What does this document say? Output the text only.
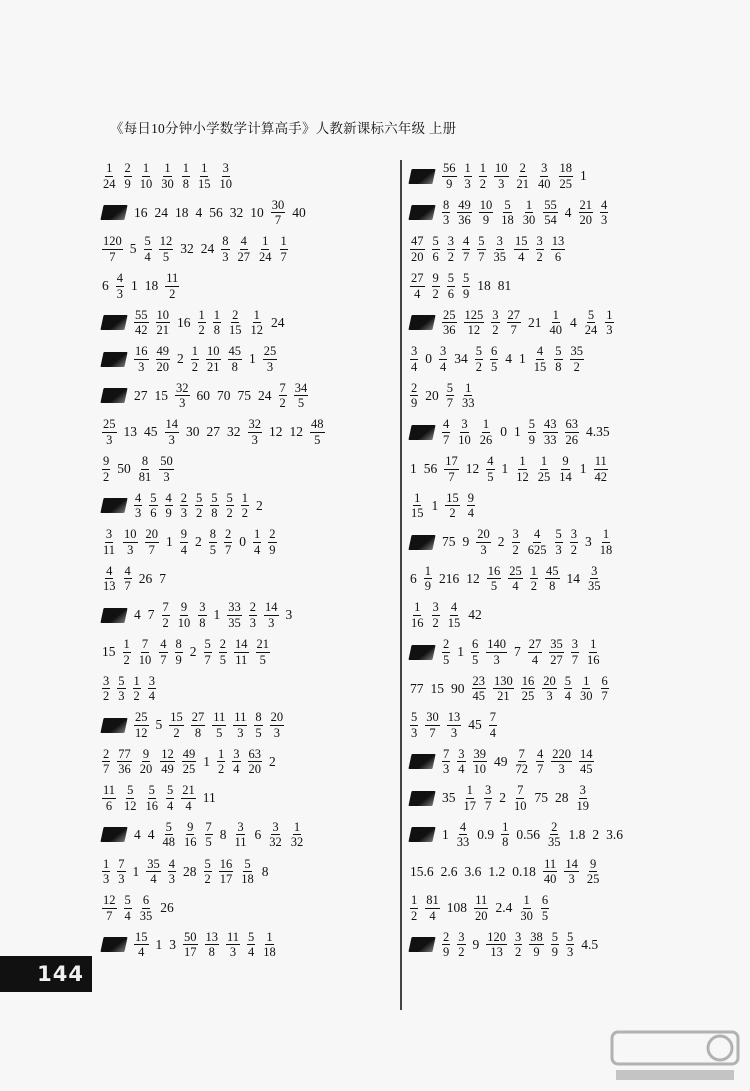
《每日10分钟小学数学计算高手》人教新课标六年级 上册
$\frac{1}{24} \frac{2}{9} \frac{1}{10} \frac{1}{30} \frac{1}{8} \frac{1}{15} \frac{3}{10}$
16 24 18 4 56 32 $10 \frac{30}{7} 40$
$\frac{120}{7} 5 \frac{5}{4} \frac{12}{5} 32$ $24 \frac{8}{3} \frac{4}{27} \frac{1}{24} \frac{1}{7}$
$6 \frac{4}{3} 1$ $18 \frac{11}{2}$
$\frac{55}{42} \frac{10}{21} 16 \frac{1}{2} \frac{1}{8} \frac{2}{15} \frac{1}{12} 24$
$\frac{16}{3} \frac{49}{20} 2 \frac{1}{2} \frac{10}{21} \frac{45}{8} 1 \frac{25}{3}$
27 $15 \frac{32}{3} 60$ 70 75 $24 \frac{7}{2} \frac{34}{5}$
$\frac{25}{3} 13$ $45 \frac{14}{3} 30$ 27 $32 \frac{32}{3} 12$ $12 \frac{48}{5}$
$\frac{9}{2} 50 \frac{8}{81} \frac{50}{3}$
$\frac{4}{3} \frac{5}{6} \frac{4}{9} \frac{2}{3} \frac{5}{2} \frac{5}{8} \frac{5}{2} \frac{1}{2} 2$
$\frac{3}{11} \frac{10}{3} \frac{20}{7} 1 \frac{9}{4} 2 \frac{8}{5} \frac{2}{7} 0 \frac{1}{4} \frac{2}{9}$
$\frac{4}{13} \frac{4}{7} 26$ 7
4 $7 \frac{7}{2} \frac{9}{10} \frac{3}{8} 1 \frac{33}{35} \frac{2}{3} \frac{14}{3} 3$
$15 \frac{1}{2} \frac{7}{10} \frac{4}{7} \frac{8}{9} 2 \frac{5}{7} \frac{2}{5} \frac{14}{11} \frac{21}{5}$
$\frac{3}{2} \frac{5}{3} \frac{1}{2} \frac{3}{4}$
$\frac{25}{12} 5 \frac{15}{2} \frac{27}{8} \frac{11}{5} \frac{11}{3} \frac{8}{5} \frac{20}{3}$
$\frac{2}{7} \frac{77}{36} \frac{9}{20} \frac{12}{49} \frac{49}{25} 1 \frac{1}{2} \frac{3}{4} \frac{63}{20} 2$
$\frac{11}{6} \frac{5}{12} \frac{5}{16} \frac{5}{4} \frac{21}{4} 11$
4 $4 \frac{5}{48} \frac{9}{16} \frac{7}{5} 8 \frac{3}{11} 6 \frac{3}{32} \frac{1}{32}$
$\frac{1}{3} \frac{7}{3} 1 \frac{35}{4} \frac{4}{3} 28 \frac{5}{2} \frac{16}{17} \frac{5}{18} 8$
$\frac{12}{7} \frac{5}{4} \frac{6}{35} 26$
$\frac{15}{4} 1$ $3 \frac{50}{17} \frac{13}{8} \frac{11}{3} \frac{5}{4} \frac{1}{18}$
$\frac{56}{9} \frac{1}{3} \frac{1}{2} \frac{10}{3} \frac{2}{21} \frac{3}{40} \frac{18}{25} 1$
$\frac{8}{3} \frac{49}{36} \frac{10}{9} \frac{5}{18} \frac{1}{30} \frac{55}{54} 4 \frac{21}{20} \frac{4}{3}$
$\frac{47}{20} \frac{5}{6} \frac{3}{2} \frac{4}{7} \frac{5}{7} \frac{3}{35} \frac{15}{4} \frac{3}{2} \frac{13}{6}$
$\frac{27}{4} \frac{9}{2} \frac{5}{6} \frac{5}{9} 18$ 81
$\frac{25}{36} \frac{125}{12} \frac{3}{2} \frac{27}{7} 21 \frac{1}{40} 4 \frac{5}{24} \frac{1}{3}$
$\frac{3}{4} 0 \frac{3}{4} 34 \frac{5}{2} \frac{6}{5} 4$ $1 \frac{4}{15} \frac{5}{8} \frac{35}{2}$
$\frac{2}{9} 20 \frac{5}{7} \frac{1}{33}$
$\frac{4}{7} \frac{3}{10} \frac{1}{26} 0$ $1 \frac{5}{9} \frac{43}{33} \frac{63}{26} 4.35$
1 $56 \frac{17}{7} 12 \frac{4}{5} 1 \frac{1}{12} \frac{1}{25} \frac{9}{14} 1 \frac{11}{42}$
$\frac{1}{15} 1 \frac{15}{2} \frac{9}{4}$
75 $9 \frac{20}{3} 2 \frac{3}{2} \frac{4}{625} \frac{5}{3} \frac{3}{2} 3 \frac{1}{18}$
$6 \frac{1}{9} 216$ $12 \frac{16}{5} \frac{25}{4} \frac{1}{2} \frac{45}{8} 14 \frac{3}{35}$
$\frac{1}{16} \frac{3}{2} \frac{4}{15} 42$
$\frac{2}{5} 1 \frac{6}{5} \frac{140}{3} 7 \frac{27}{4} \frac{35}{27} \frac{3}{7} \frac{1}{16}$
77 15 $90 \frac{23}{45} \frac{130}{21} \frac{16}{25} \frac{20}{3} \frac{5}{4} \frac{1}{30} \frac{6}{7}$
$\frac{5}{3} \frac{30}{7} \frac{13}{3} 45 \frac{7}{4}$
$\frac{7}{3} \frac{3}{4} \frac{39}{10} 49 \frac{7}{72} \frac{4}{7} \frac{220}{3} \frac{14}{45}$
$35 \frac{1}{17} \frac{3}{7} 2 \frac{7}{10} 75$ $28 \frac{3}{19}$
$1 \frac{4}{33} 0.9 \frac{1}{8} 0.56 \frac{2}{35} 1.8$ 2 3.6
15.6 2.6 3.6 1.2 $0.18 \frac{11}{40} \frac{14}{3} \frac{9}{25}$
$\frac{1}{2} \frac{81}{4} 108 \frac{11}{20} 2.4 \frac{1}{30} \frac{6}{5}$
$\frac{2}{9} \frac{3}{2} 9 \frac{120}{13} \frac{3}{2} \frac{38}{9} \frac{5}{9} \frac{5}{3} 4.5$
144
